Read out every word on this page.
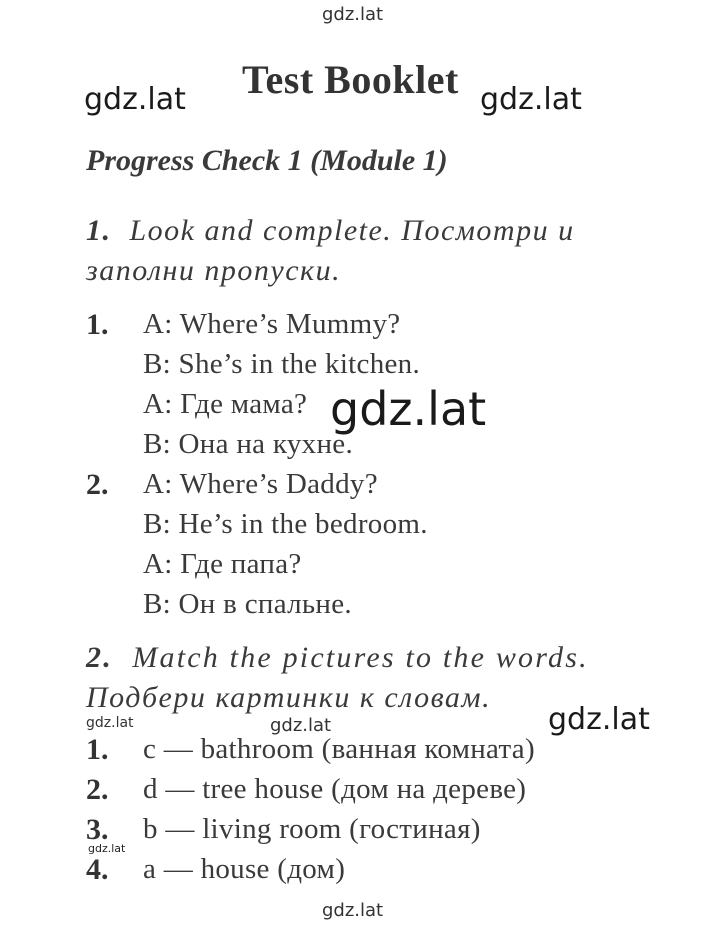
gdz.lat
gdz.lat	gdz.lat
Test Booklet
Progress Check 1 (Module 1)
1. Look and complete. Посмотри и
заполни пропуски.
1. A: Where’s Mummy?
B: She’s in the kitchen.
A: Где мама?
B: Она на кухне.
2. A: Where’s Daddy?
B: He’s in the bedroom.
A: Где папа?
B: Он в спальне.
gdz.lat
2. Match the pictures to the words.
Подбери картинки к словам.
gdz.lat	gdz.lat	gdz.lat
1. c — bathroom (ванная комната)
2. d — tree house (дом на дереве)
3. b — living room (гостиная)
gdz.lat
4. a — house (дом)
gdz.lat
